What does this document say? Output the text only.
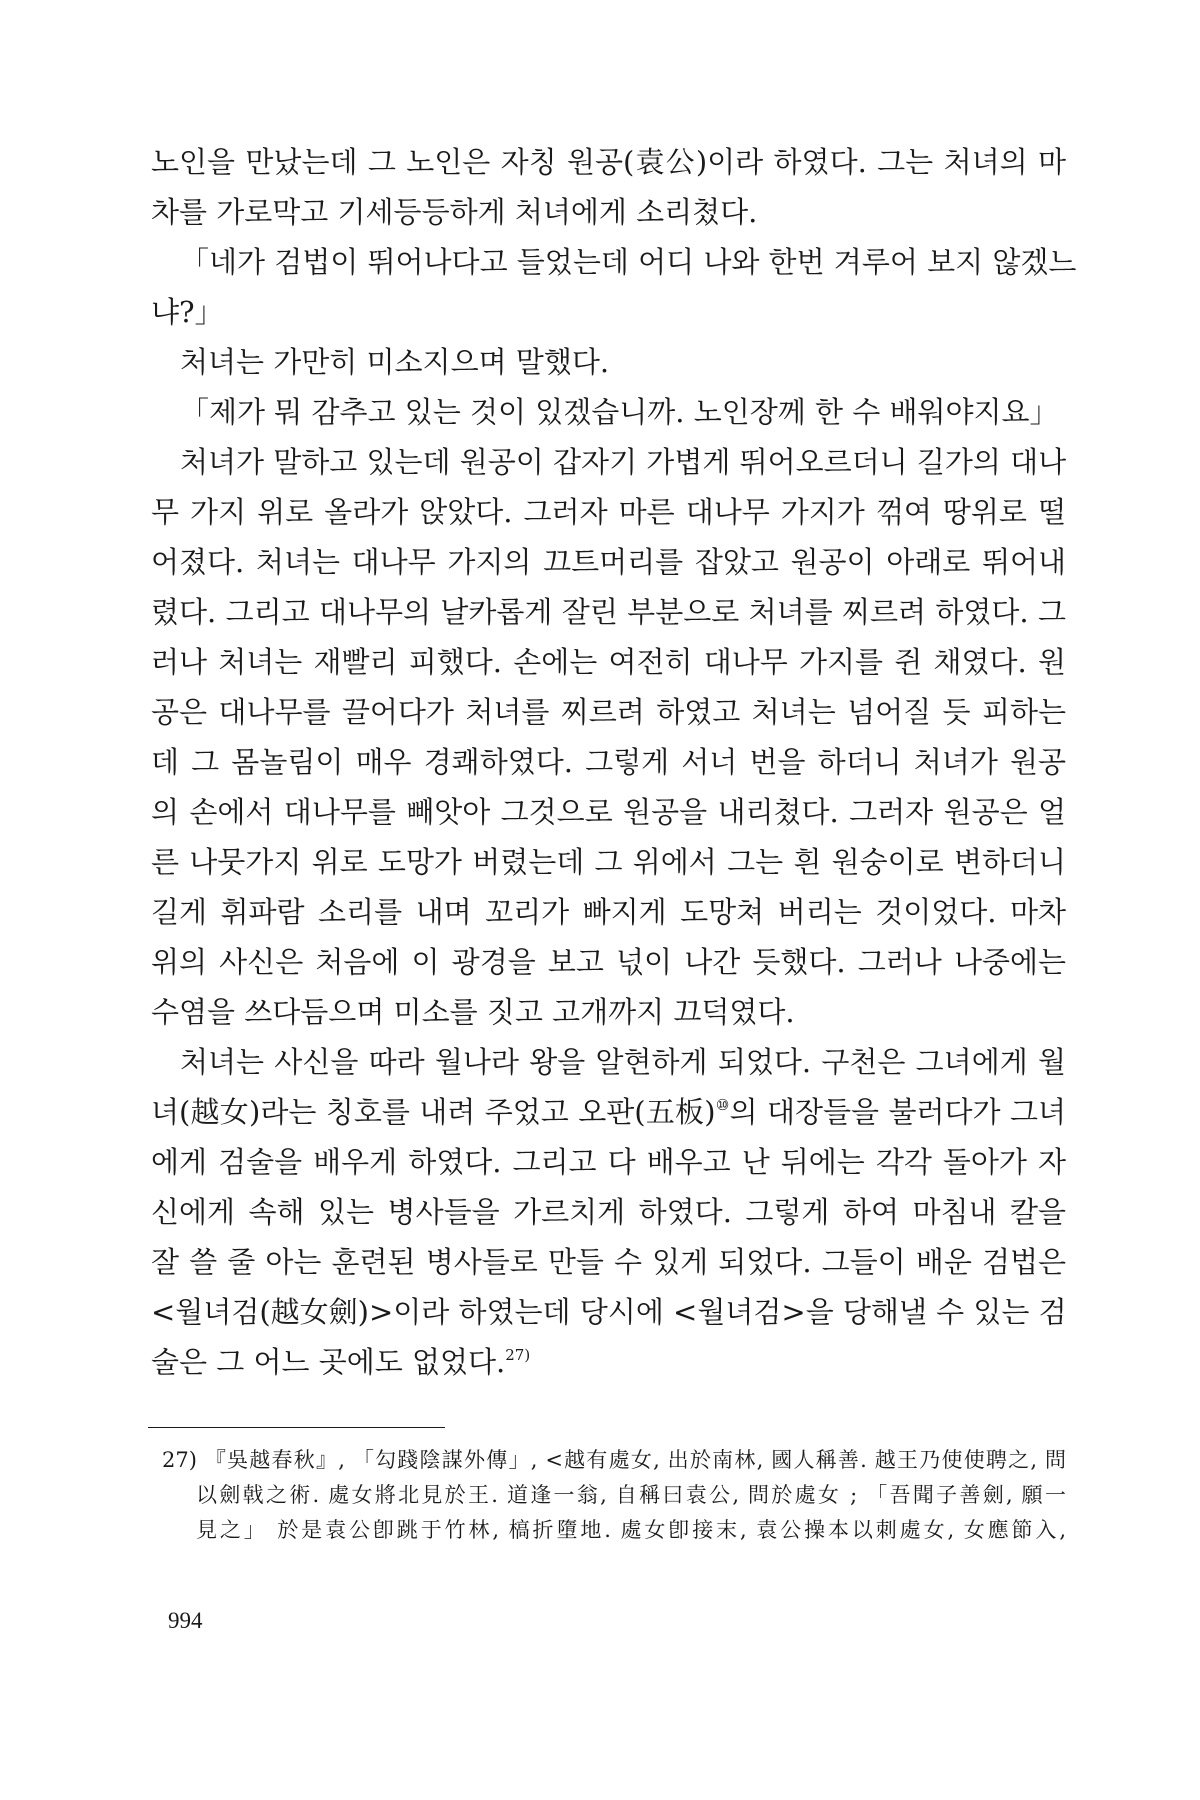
노인을 만났는데 그 노인은 자칭 원공(袁公)이라 하였다. 그는 처녀의 마
차를 가로막고 기세등등하게 처녀에게 소리쳤다.
「네가 검법이 뛰어나다고 들었는데 어디 나와 한번 겨루어 보지 않겠느
냐?」
처녀는 가만히 미소지으며 말했다.
「제가 뭐 감추고 있는 것이 있겠습니까. 노인장께 한 수 배워야지요」
처녀가 말하고 있는데 원공이 갑자기 가볍게 뛰어오르더니 길가의 대나
무 가지 위로 올라가 앉았다. 그러자 마른 대나무 가지가 꺾여 땅위로 떨
어졌다. 처녀는 대나무 가지의 끄트머리를 잡았고 원공이 아래로 뛰어내
렸다. 그리고 대나무의 날카롭게 잘린 부분으로 처녀를 찌르려 하였다. 그
러나 처녀는 재빨리 피했다. 손에는 여전히 대나무 가지를 쥔 채였다. 원
공은 대나무를 끌어다가 처녀를 찌르려 하였고 처녀는 넘어질 듯 피하는
데 그 몸놀림이 매우 경쾌하였다. 그렇게 서너 번을 하더니 처녀가 원공
의 손에서 대나무를 빼앗아 그것으로 원공을 내리쳤다. 그러자 원공은 얼
른 나뭇가지 위로 도망가 버렸는데 그 위에서 그는 흰 원숭이로 변하더니
길게 휘파람 소리를 내며 꼬리가 빠지게 도망쳐 버리는 것이었다. 마차
위의 사신은 처음에 이 광경을 보고 넋이 나간 듯했다. 그러나 나중에는
수염을 쓰다듬으며 미소를 짓고 고개까지 끄덕였다.
처녀는 사신을 따라 월나라 왕을 알현하게 되었다. 구천은 그녀에게 월
녀(越女)라는 칭호를 내려 주었고 오판(五板)⑩의 대장들을 불러다가 그녀
에게 검술을 배우게 하였다. 그리고 다 배우고 난 뒤에는 각각 돌아가 자
신에게 속해 있는 병사들을 가르치게 하였다. 그렇게 하여 마침내 칼을
잘 쓸 줄 아는 훈련된 병사들로 만들 수 있게 되었다. 그들이 배운 검법은
<월녀검(越女劍)>이라 하였는데 당시에 <월녀검>을 당해낼 수 있는 검
술은 그 어느 곳에도 없었다.$^{27)}$
27) 『吳越春秋』, 「勾踐陰謀外傳」, <越有處女, 出於南林, 國人稱善. 越王乃使使聘之, 問
以劍戟之術. 處女將北見於王. 道逢一翁, 自稱曰袁公, 問於處女 ; 「吾聞子善劍, 願一
見之」 於是袁公卽跳于竹林, 槁折墮地. 處女卽接末, 袁公操本以刺處女, 女應節入,
994
